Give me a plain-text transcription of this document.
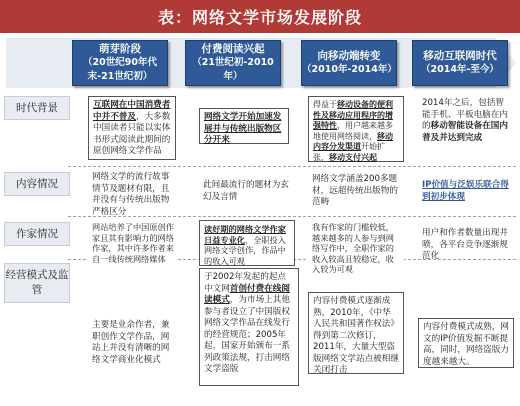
表：网络文学市场发展阶段
萌芽阶段
（20世纪90年代末-21世纪初）
付费阅读兴起
（21世纪初-2010年）
向移动端转变
（2010年-2014年）
移动互联网时代
（2014年-至今）
时代背景
内容情况
作家情况
经营模式及监管
互联网在中国消费者中并不普及，大多数中国读者只能以实体书形式阅读此期间的原创网络文学作品
网络文学开始加速发展并与传统出版物区分开来
得益于移动设备的便利性及移动应用程序的增强特性，用户越来越多地使用网络阅读，移动内容分发渠道开始扩张，移动支付兴起
2014年之后，包括智能手机、平板电脑在内的移动智能设备在国内普及并达到完成
网络文学的流行故事情节及题材有限，且并没有与传统出版物严格区分
此间最流行的题材为玄幻及言情
网络文学涵盖200多题材，远超传统出版物的范畴
IP价值与泛娱乐联合得到初步体现
网站培养了中国原创作家且其有影响力的网络作家，其中许多作者来自一线传统网络媒体
读好期的网络文学作家日益专业化，全职投入网络文学创作，作品中的收入可观
我有作家的门槛较低，越来越多的人参与到网络写作中，全职作家的收入较高且较稳定，收入较为可观
用户和作者数量出现井喷，各平台竞争逐渐规范化
主要是业余作者，兼职创作文学作品，网站上并没有清晰的网络文学商业化模式
于2002年发起的起点中文网首创付费在线阅读模式，为市场上其他参与者设立了中国版权网络文学作品在线发行的经营规范；2005年起，国家开始颁布一系列政策法规，打击网络文学盗版
内容付费模式逐渐成熟，2010年，《中华人民共和国著作权法》得到第二次修订，2011年，大量大型盗版网络文学站点被相继关闭打击
内容付费模式成熟，网文的IP价值发掘不断提高，同时，网络盗版力度越来越大。
